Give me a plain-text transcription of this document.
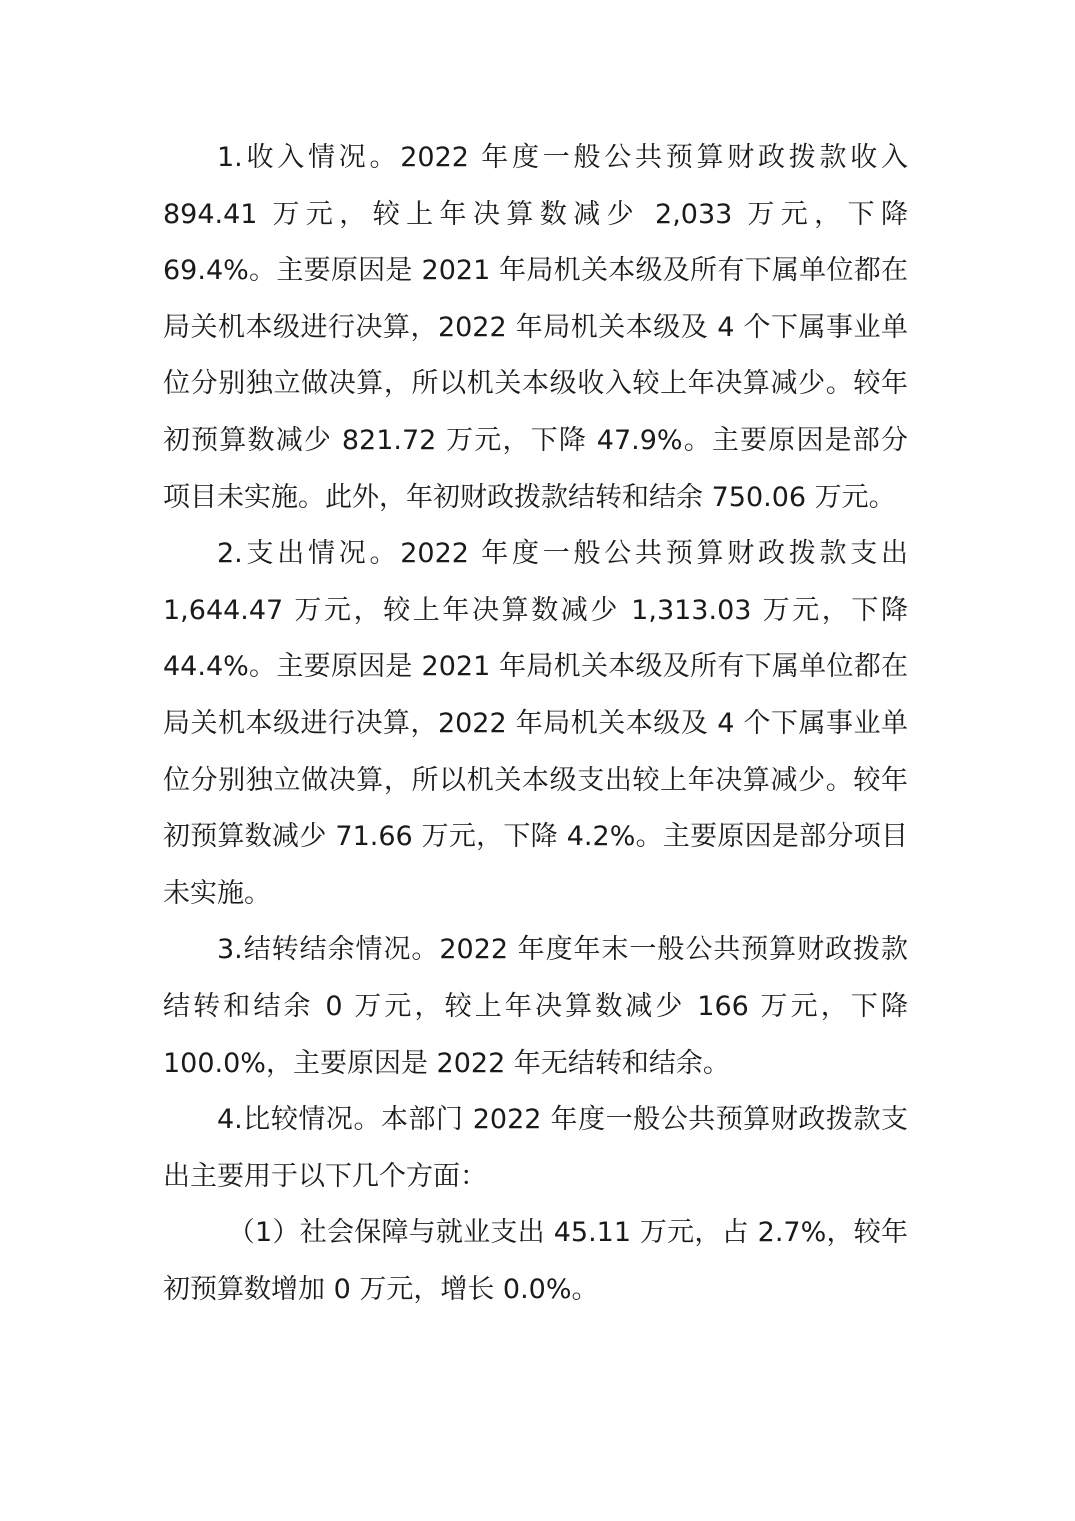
1.收入情况。2022 年度一般公共预算财政拨款收入 894.41 万元，较上年决算数减少 2,033 万元，下降 69.4%。主要原因是 2021 年局机关本级及所有下属单位都在局关机本级进行决算，2022 年局机关本级及 4 个下属事业单位分别独立做决算，所以机关本级收入较上年决算减少。较年初预算数减少 821.72 万元，下降 47.9%。主要原因是部分项目未实施。此外，年初财政拨款结转和结余 750.06 万元。

2.支出情况。2022 年度一般公共预算财政拨款支出 1,644.47 万元，较上年决算数减少 1,313.03 万元，下降 44.4%。主要原因是 2021 年局机关本级及所有下属单位都在局关机本级进行决算，2022 年局机关本级及 4 个下属事业单位分别独立做决算，所以机关本级支出较上年决算减少。较年初预算数减少 71.66 万元，下降 4.2%。主要原因是部分项目未实施。

3.结转结余情况。2022 年度年末一般公共预算财政拨款结转和结余 0 万元，较上年决算数减少 166 万元，下降 100.0%，主要原因是 2022 年无结转和结余。

4.比较情况。本部门 2022 年度一般公共预算财政拨款支出主要用于以下几个方面：

（1）社会保障与就业支出 45.11 万元，占 2.7%，较年初预算数增加 0 万元，增长 0.0%。
